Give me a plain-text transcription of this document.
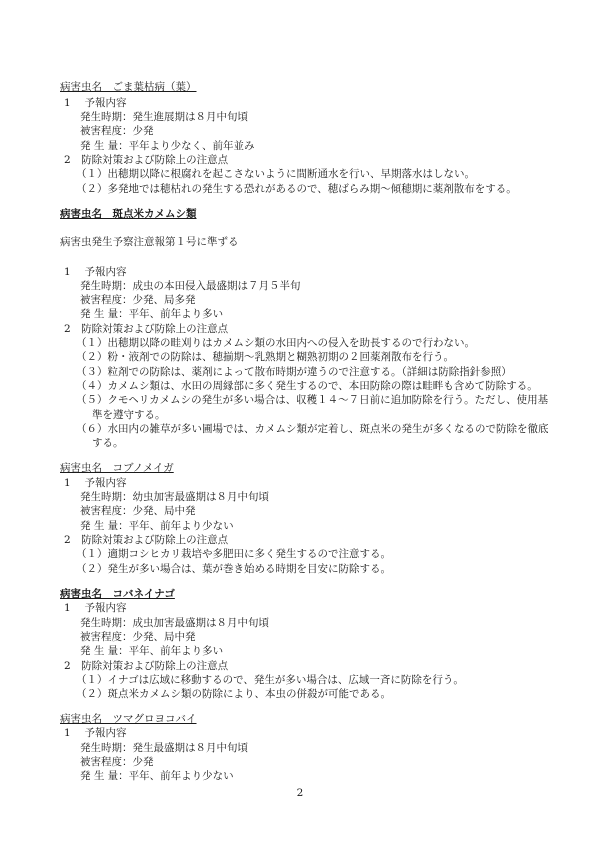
病害虫名　ごま葉枯病（葉）
1　 予報内容
発生時期：発生進展期は８月中旬頃
被害程度：少発
発 生 量：平年より少なく、前年並み
2　防除対策および防除上の注意点
（１）出穂期以降に根腐れを起こさないように間断通水を行い、早期落水はしない。
（２）多発地では穂枯れの発生する恐れがあるので、穂ばらみ期～傾穂期に薬剤散布をする。
病害虫名　斑点米カメムシ類
病害虫発生予察注意報第１号に準ずる
1　 予報内容
発生時期：成虫の本田侵入最盛期は７月５半旬
被害程度：少発、局多発
発 生 量：平年、前年より多い
2　防除対策および防除上の注意点
（１）出穂期以降の畦刈りはカメムシ類の水田内への侵入を助長するので行わない。
（２）粉・液剤での防除は、穂揃期～乳熟期と糊熟初期の２回薬剤散布を行う。
（３）粒剤での防除は、薬剤によって散布時期が違うので注意する。（詳細は防除指針参照）
（４）カメムシ類は、水田の周縁部に多く発生するので、本田防除の際は畦畔も含めて防除する。
（５）クモヘリカメムシの発生が多い場合は、収穫１４～７日前に追加防除を行う。ただし、使用基
準を遵守する。
（６）水田内の雑草が多い圃場では、カメムシ類が定着し、斑点米の発生が多くなるので防除を徹底
する。
病害虫名　コブノメイガ
1　 予報内容
発生時期：幼虫加害最盛期は８月中旬頃
被害程度：少発、局中発
発 生 量：平年、前年より少ない
2　防除対策および防除上の注意点
（１）適期コシヒカリ栽培や多肥田に多く発生するので注意する。
（２）発生が多い場合は、葉が巻き始める時期を目安に防除する。
病害虫名　コバネイナゴ
1　 予報内容
発生時期：成虫加害最盛期は８月中旬頃
被害程度：少発、局中発
発 生 量：平年、前年より多い
2　防除対策および防除上の注意点
（１）イナゴは広域に移動するので、発生が多い場合は、広域一斉に防除を行う。
（２）斑点米カメムシ類の防除により、本虫の併殺が可能である。
病害虫名　ツマグロヨコバイ
1　 予報内容
発生時期：発生最盛期は８月中旬頃
被害程度：少発
発 生 量：平年、前年より少ない
2
